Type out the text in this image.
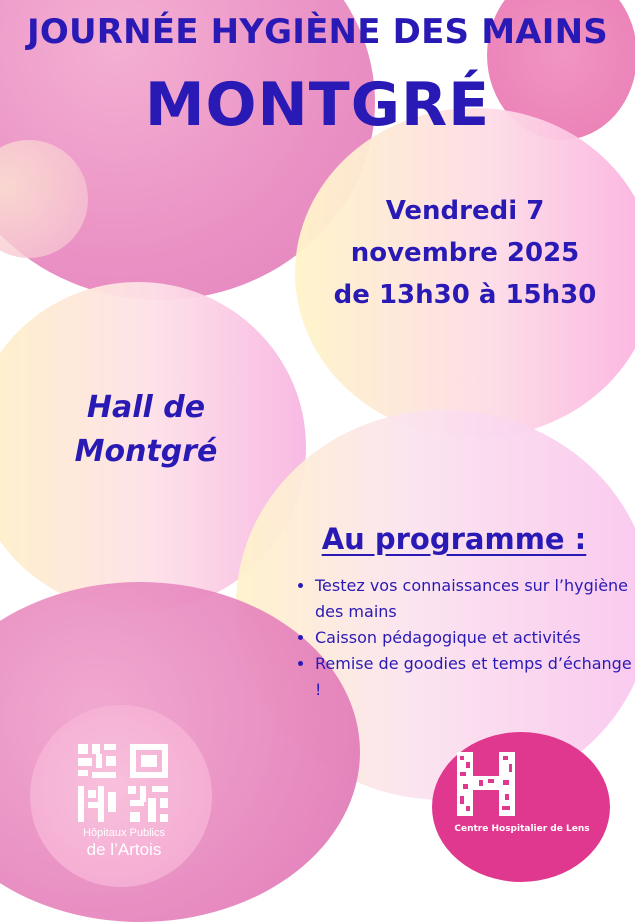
JOURNÉE HYGIÈNE DES MAINS
MONTGRÉ
Vendredi 7
novembre 2025
de 13h30 à 15h30
Hall de
Montgré
Au programme :
• Testez vos connaissances sur l’hygiène des mains
• Caisson pédagogique et activités
• Remise de goodies et temps d’échange !
Hôpitaux Publics
de l’Artois
Centre Hospitalier de Lens
